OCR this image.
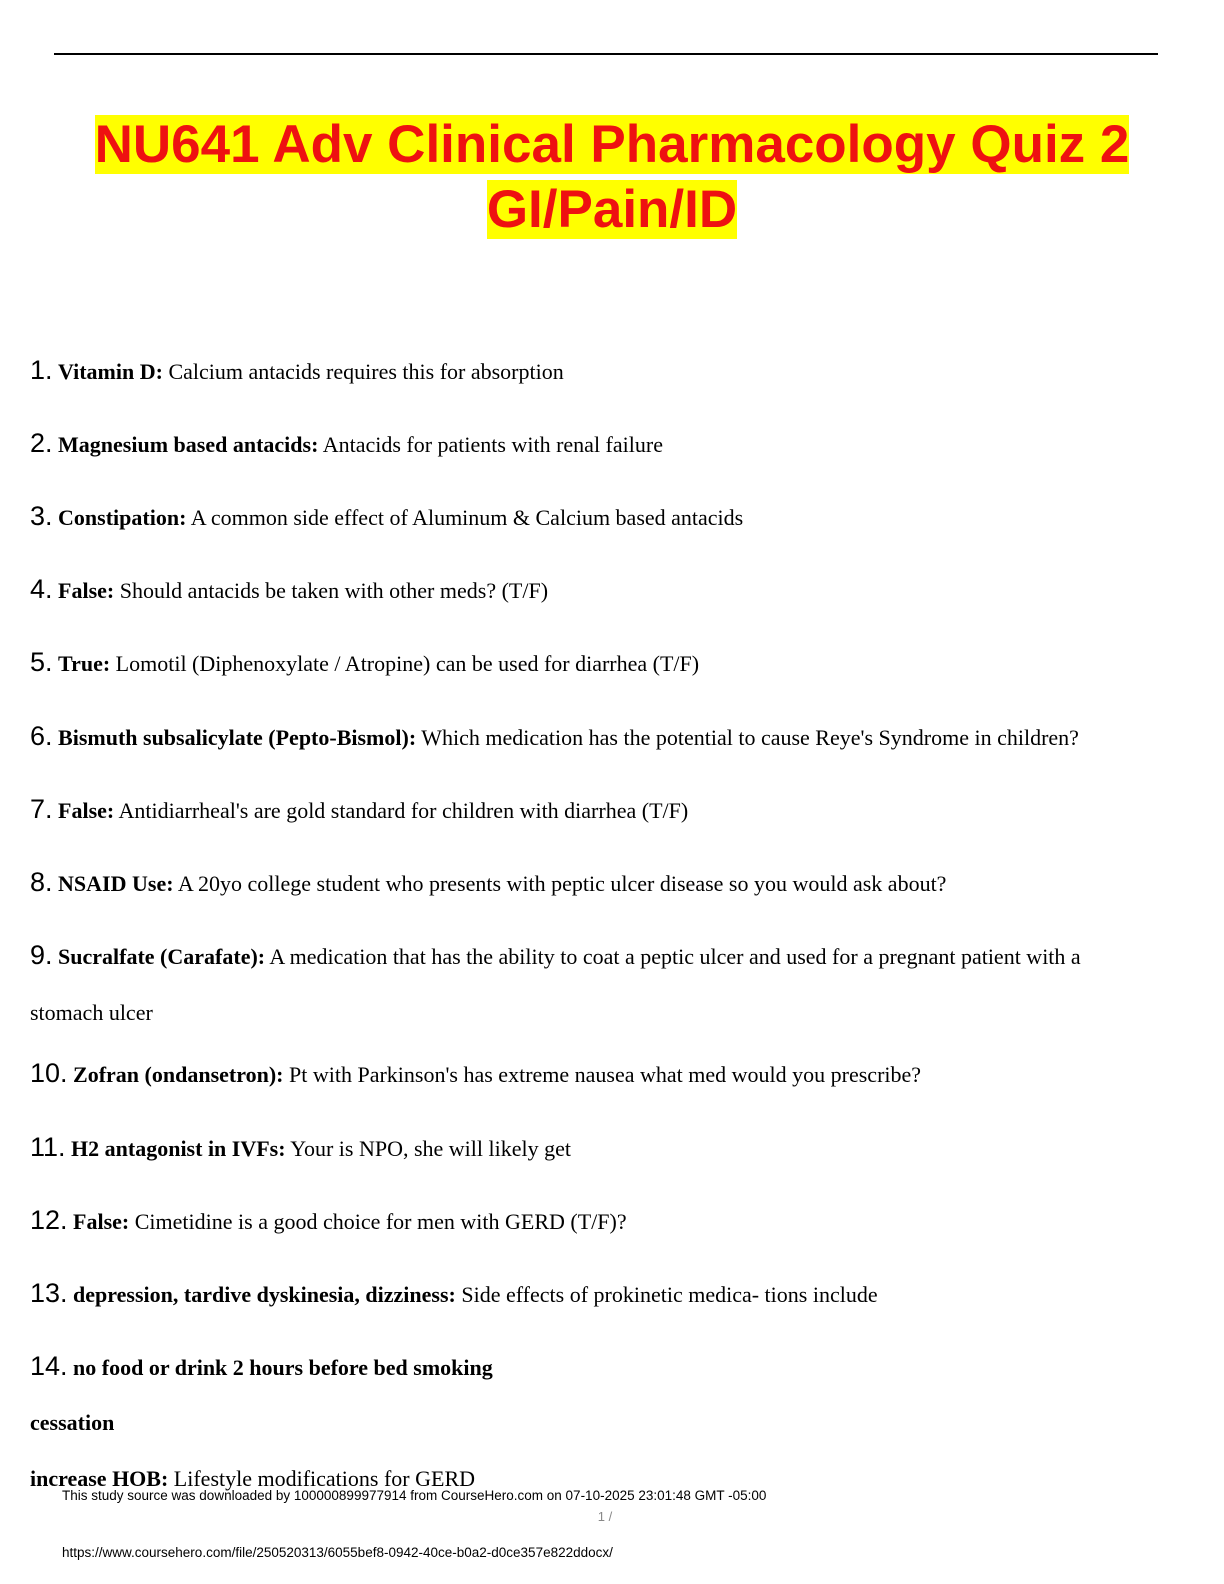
NU641 Adv Clinical Pharmacology Quiz 2
GI/Pain/ID
1. Vitamin D: Calcium antacids requires this for absorption
2. Magnesium based antacids: Antacids for patients with renal failure
3. Constipation: A common side effect of Aluminum & Calcium based antacids
4. False: Should antacids be taken with other meds? (T/F)
5. True: Lomotil (Diphenoxylate / Atropine) can be used for diarrhea (T/F)
6. Bismuth subsalicylate (Pepto-Bismol): Which medication has the potential to cause Reye's Syndrome in children?
7. False: Antidiarrheal's are gold standard for children with diarrhea (T/F)
8. NSAID Use: A 20yo college student who presents with peptic ulcer disease so you would ask about?
9. Sucralfate (Carafate): A medication that has the ability to coat a peptic ulcer and used for a pregnant patient with a
stomach ulcer
10. Zofran (ondansetron): Pt with Parkinson's has extreme nausea what med would you prescribe?
11. H2 antagonist in IVFs: Your is NPO, she will likely get
12. False: Cimetidine is a good choice for men with GERD (T/F)?
13. depression, tardive dyskinesia, dizziness: Side effects of prokinetic medica- tions include
14. no food or drink 2 hours before bed smoking
cessation
increase HOB: Lifestyle modifications for GERD
This study source was downloaded by 100000899977914 from CourseHero.com on 07-10-2025 23:01:48 GMT -05:00
1 /
https://www.coursehero.com/file/250520313/6055bef8-0942-40ce-b0a2-d0ce357e822ddocx/
